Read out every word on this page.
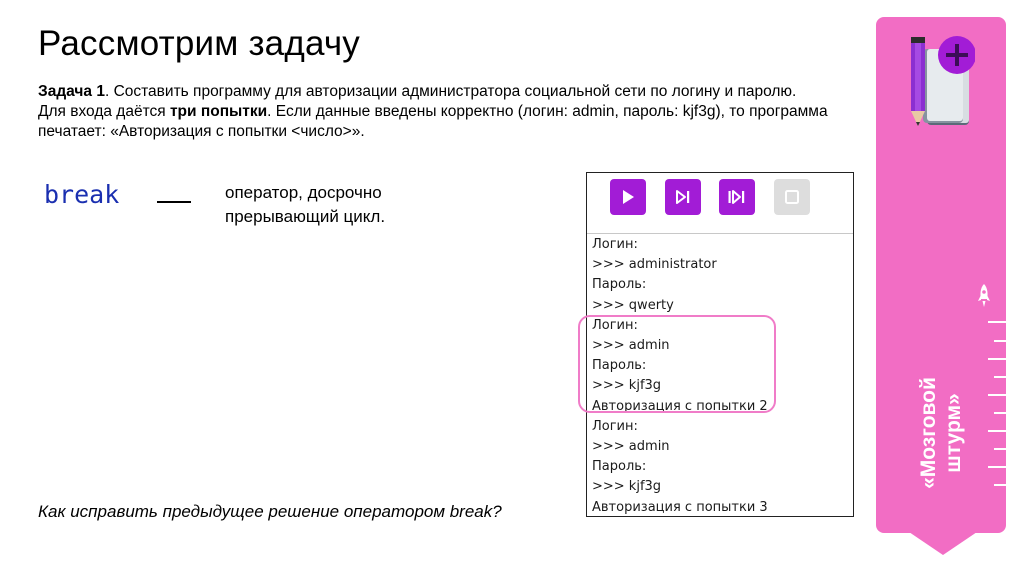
Рассмотрим задачу
Задача 1. Составить программу для авторизации администратора социальной сети по логину и паролю. Для входа даётся три попытки. Если данные введены корректно (логин: admin, пароль: kjf3g), то программа печатает: «Авторизация с попытки <число>».
break	оператор, досрочно прерывающий цикл.
Как исправить предыдущее решение оператором break?
Логин:
>>> administrator
Пароль:
>>> qwerty
Логин:
>>> admin
Пароль:
>>> kjf3g
Авторизация с попытки 2
Логин:
>>> admin
Пароль:
>>> kjf3g
Авторизация с попытки 3
«Мозговой штурм»
